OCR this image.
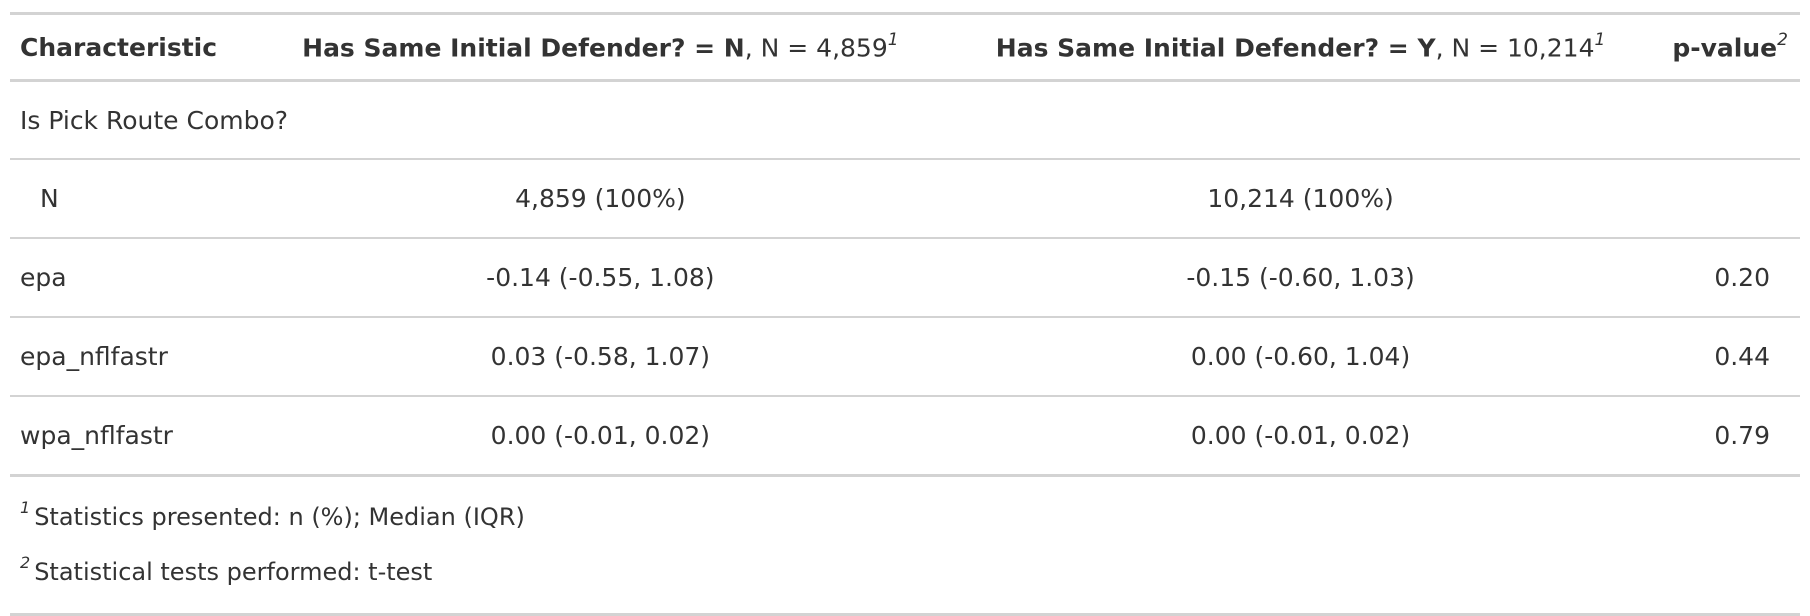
Characteristic	Has Same Initial Defender? = N, $N = 4,859^1$	Has Same Initial Defender? = Y, $N = 10,214^1$	p-value$^2$
Is Pick Route Combo?			
N	4,859 (100%)	10,214 (100%)	
epa	-0.14 (-0.55, 1.08)	-0.15 (-0.60, 1.03)	0.20
epa_nflfastr	0.03 (-0.58, 1.07)	0.00 (-0.60, 1.04)	0.44
wpa_nflfastr	0.00 (-0.01, 0.02)	0.00 (-0.01, 0.02)	0.79
$^1$ Statistics presented: n (%); Median (IQR)
$^2$ Statistical tests performed: t-test
